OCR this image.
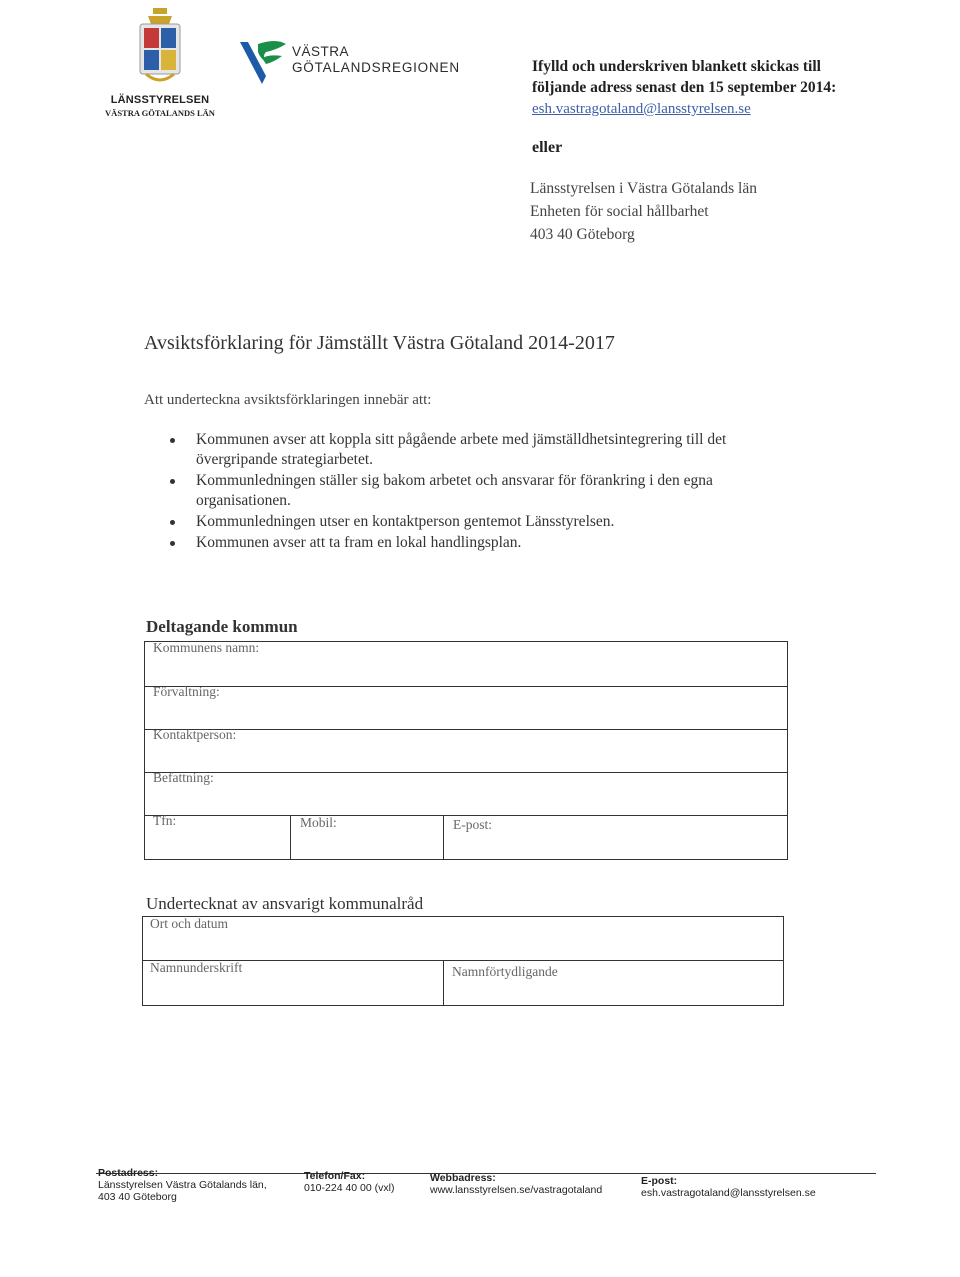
LÄNSSTYRELSEN
VÄSTRA GÖTALANDS LÄN
VÄSTRA
GÖTALANDSREGIONEN	Ifylld och underskriven blankett skickas till
följande adress senast den 15 september 2014:
esh.vastragotaland@lansstyrelsen.se
eller
Länsstyrelsen i Västra Götalands län
Enheten för social hållbarhet
403 40 Göteborg
Avsiktsförklaring för Jämställt Västra Götaland 2014-2017
Att underteckna avsiktsförklaringen innebär att:
Kommunen avser att koppla sitt pågående arbete med jämställdhetsintegrering till det övergripande strategiarbetet.
Kommunledningen ställer sig bakom arbetet och ansvarar för förankring i den egna organisationen.
Kommunledningen utser en kontaktperson gentemot Länsstyrelsen.
Kommunen avser att ta fram en lokal handlingsplan.
Deltagande kommun
Kommunens namn:
Förvaltning:
Kontaktperson:
Befattning:
Tfn:	Mobil:	E-post:
Undertecknat av ansvarigt kommunalråd
Ort och datum
Namnunderskrift	Namnförtydligande
Postadress:
Länsstyrelsen Västra Götalands län,
403 40 Göteborg
Telefon/Fax:
010-224 40 00 (vxl)
Webbadress:
www.lansstyrelsen.se/vastragotaland
E-post:
esh.vastragotaland@lansstyrelsen.se
